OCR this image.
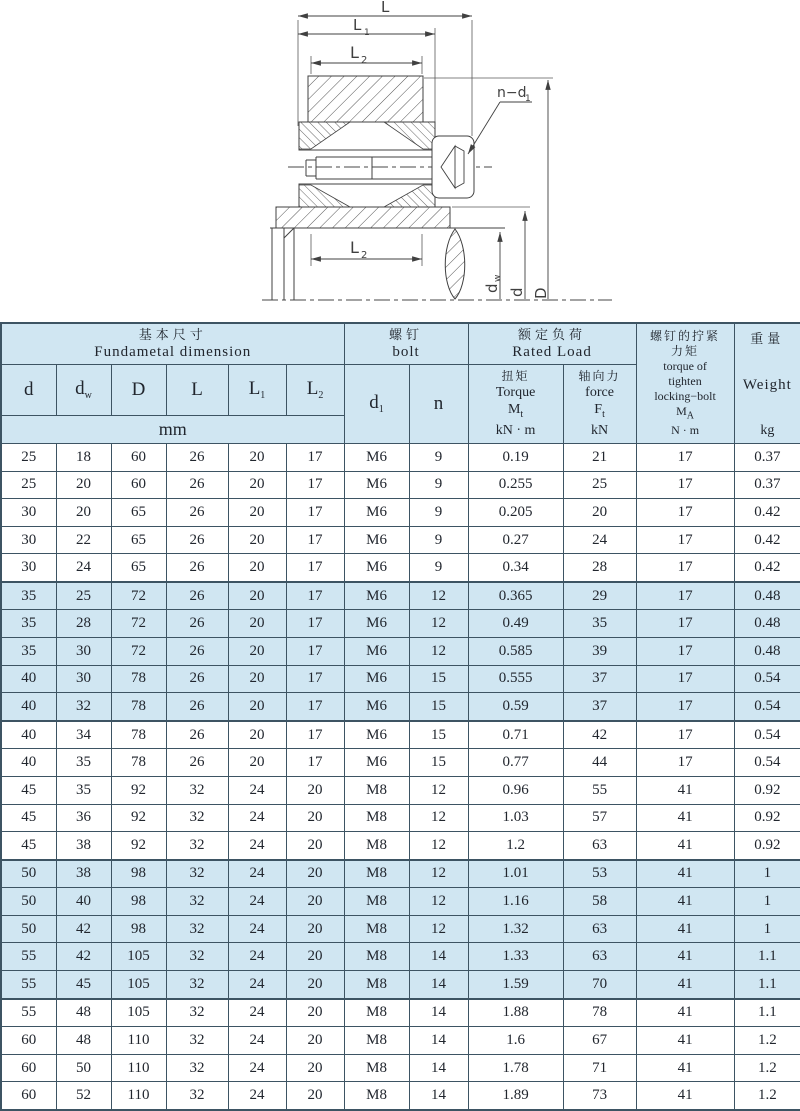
L
L 1
L 2
L 2
n−d
1
d
w
d D
基本尺寸
Fundametal dimension

螺钉
bolt

额定负荷
Rated Load

螺钉的拧紧
力矩
torque of
tighten
locking−bolt
$M_A$
N · m

重量
Weight
kg

d	$d_w$	D	L	$L_1$	$L_2$	$d_1$	n	
扭矩
Torque
$M_t$
kN · m

轴向力
force
$F_t$
kN

mm											
25	18	60	26	20	17	M6	9	0.19	21	17	0.37
25	20	60	26	20	17	M6	9	0.255	25	17	0.37
30	20	65	26	20	17	M6	9	0.205	20	17	0.42
30	22	65	26	20	17	M6	9	0.27	24	17	0.42
30	24	65	26	20	17	M6	9	0.34	28	17	0.42
35	25	72	26	20	17	M6	12	0.365	29	17	0.48
35	28	72	26	20	17	M6	12	0.49	35	17	0.48
35	30	72	26	20	17	M6	12	0.585	39	17	0.48
40	30	78	26	20	17	M6	15	0.555	37	17	0.54
40	32	78	26	20	17	M6	15	0.59	37	17	0.54
40	34	78	26	20	17	M6	15	0.71	42	17	0.54
40	35	78	26	20	17	M6	15	0.77	44	17	0.54
45	35	92	32	24	20	M8	12	0.96	55	41	0.92
45	36	92	32	24	20	M8	12	1.03	57	41	0.92
45	38	92	32	24	20	M8	12	1.2	63	41	0.92
50	38	98	32	24	20	M8	12	1.01	53	41	1
50	40	98	32	24	20	M8	12	1.16	58	41	1
50	42	98	32	24	20	M8	12	1.32	63	41	1
55	42	105	32	24	20	M8	14	1.33	63	41	1.1
55	45	105	32	24	20	M8	14	1.59	70	41	1.1
55	48	105	32	24	20	M8	14	1.88	78	41	1.1
60	48	110	32	24	20	M8	14	1.6	67	41	1.2
60	50	110	32	24	20	M8	14	1.78	71	41	1.2
60	52	110	32	24	20	M8	14	1.89	73	41	1.2
